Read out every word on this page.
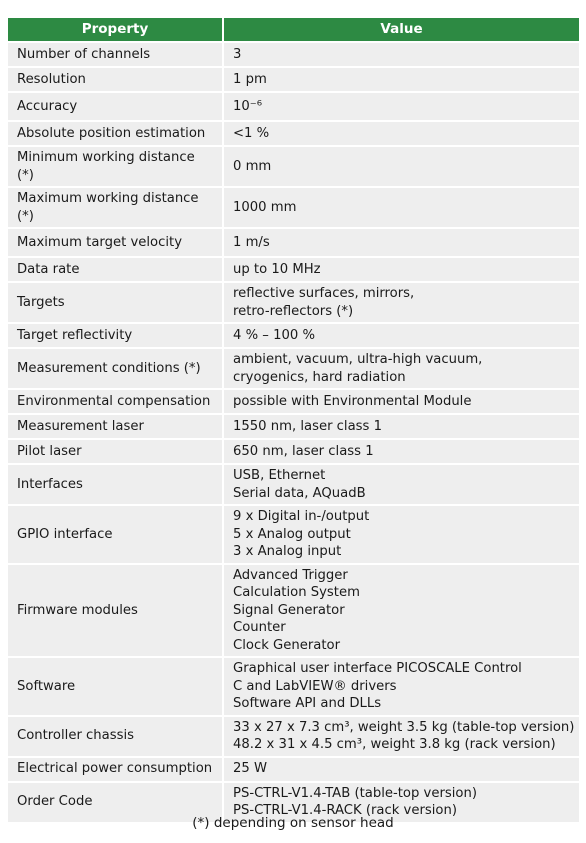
Property	Value
Number of channels	3

Resolution	1 pm

Accuracy	10⁻⁶

Absolute position estimation	<1 %

Minimum working distance (*)	0 mm

Maximum working distance (*)	1000 mm

Maximum target velocity	1 m/s

Data rate	up to 10 MHz

Targets	reflective surfaces, mirrors,
retro-reflectors (*)

Target reflectivity	4 % – 100 %

Measurement conditions (*)	ambient, vacuum, ultra-high vacuum,
cryogenics, hard radiation

Environmental compensation	possible with Environmental Module

Measurement laser	1550 nm, laser class 1

Pilot laser	650 nm, laser class 1

Interfaces	USB, Ethernet
Serial data, AQuadB

GPIO interface	9 x Digital in-/output
5 x Analog output
3 x Analog input

Firmware modules	Advanced Trigger
Calculation System
Signal Generator
Counter
Clock Generator

Software	Graphical user interface PICOSCALE Control
C and LabVIEW® drivers
Software API and DLLs

Controller chassis	33 x 27 x 7.3 cm³, weight 3.5 kg (table-top version)
48.2 x 31 x 4.5 cm³, weight 3.8 kg (rack version)

Electrical power consumption	25 W

Order Code	PS-CTRL-V1.4-TAB (table-top version)
PS-CTRL-V1.4-RACK (rack version)
(*) depending on sensor head
